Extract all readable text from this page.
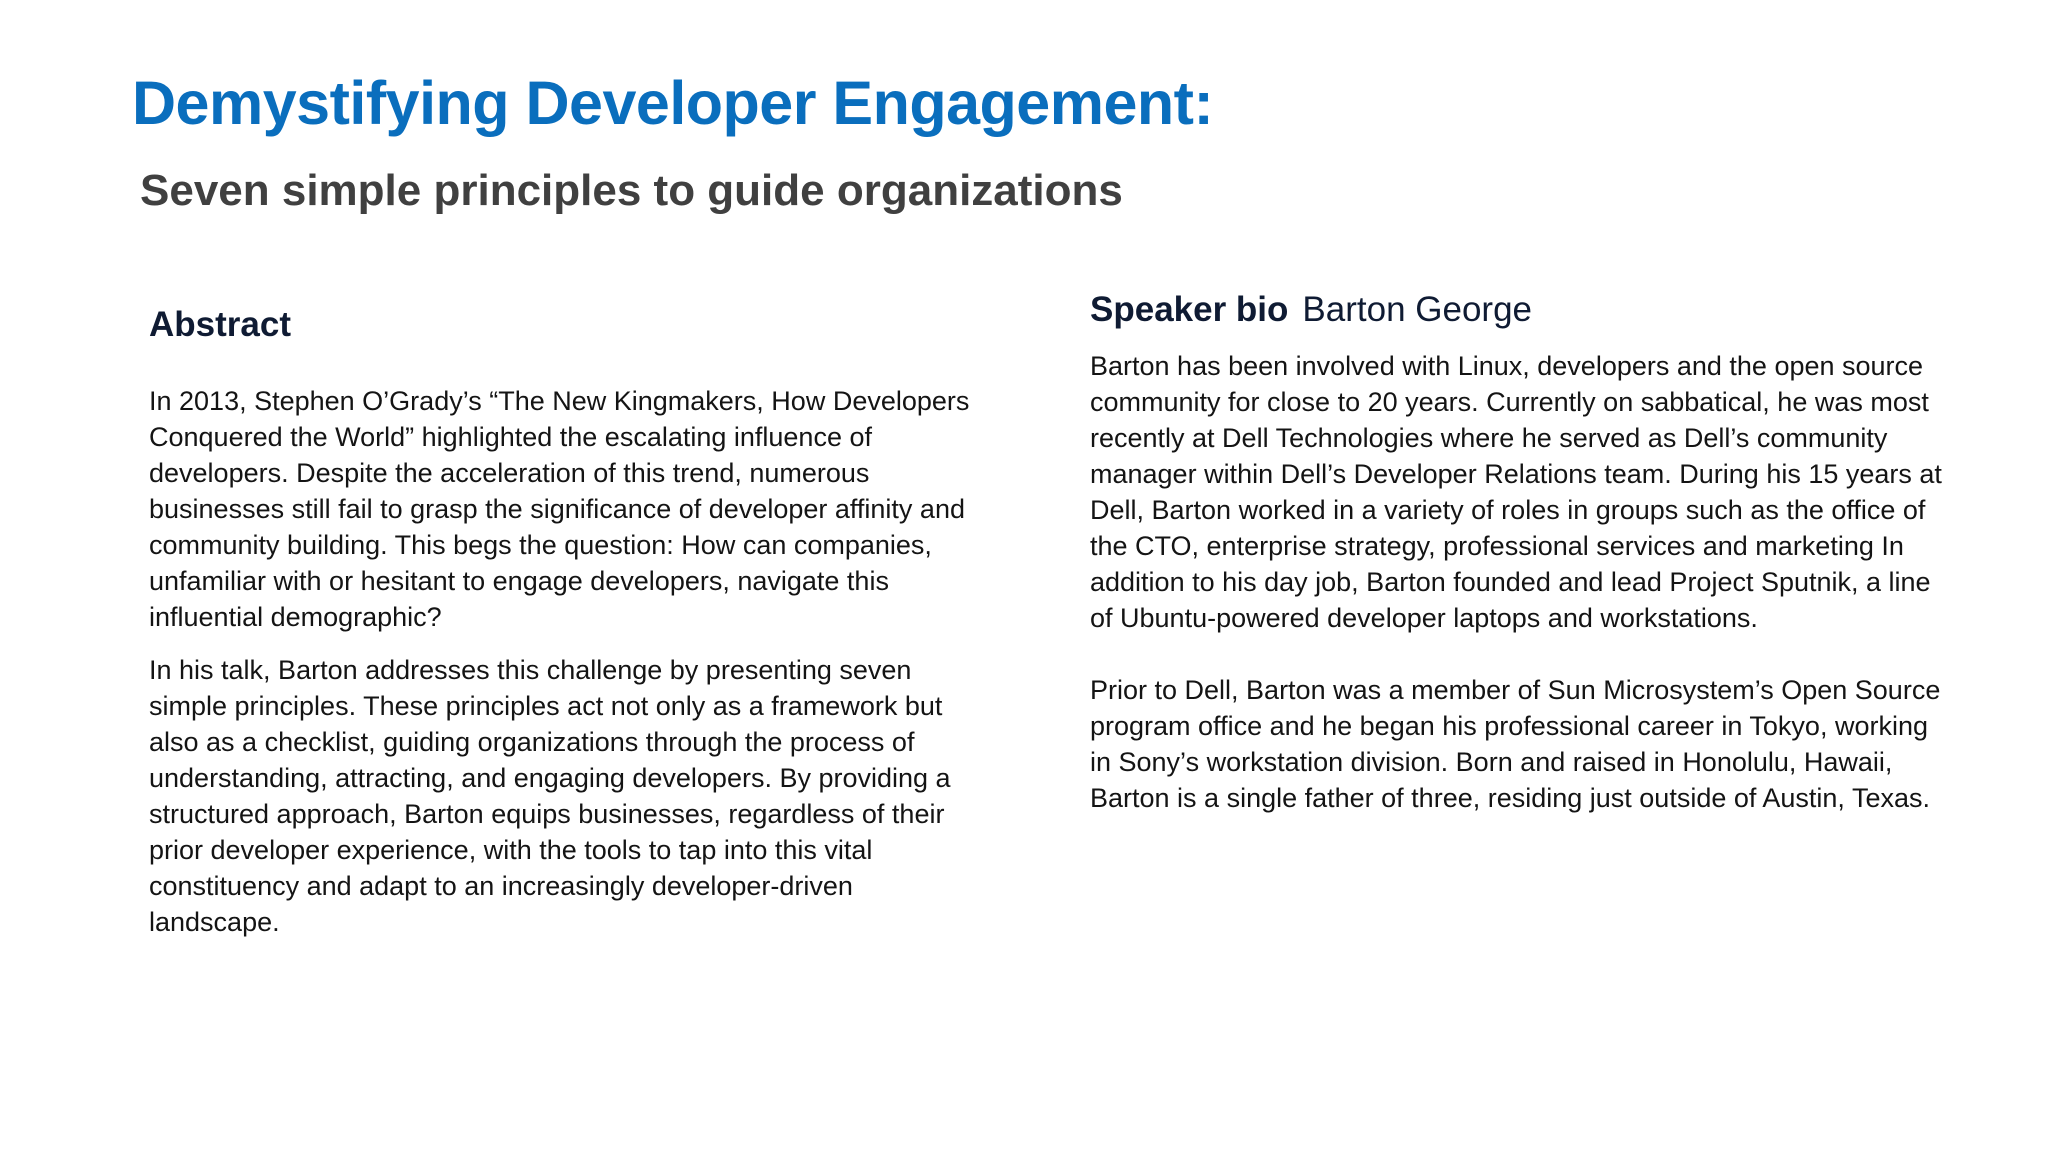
Demystifying Developer Engagement:
Seven simple principles to guide organizations
Abstract

In 2013, Stephen O’Grady’s “The New Kingmakers, How Developers Conquered the World” highlighted the escalating influence of developers. Despite the acceleration of this trend, numerous businesses still fail to grasp the significance of developer affinity and community building. This begs the question: How can companies, unfamiliar with or hesitant to engage developers, navigate this influential demographic?

In his talk, Barton addresses this challenge by presenting seven simple principles. These principles act not only as a framework but also as a checklist, guiding organizations through the process of understanding, attracting, and engaging developers. By providing a structured approach, Barton equips businesses, regardless of their prior developer experience, with the tools to tap into this vital constituency and adapt to an increasingly developer-driven landscape.

Speaker bio Barton George

Barton has been involved with Linux, developers and the open source community for close to 20 years. Currently on sabbatical, he was most recently at Dell Technologies where he served as Dell’s community manager within Dell’s Developer Relations team. During his 15 years at Dell, Barton worked in a variety of roles in groups such as the office of the CTO, enterprise strategy, professional services and marketing In addition to his day job, Barton founded and lead Project Sputnik, a line of Ubuntu-powered developer laptops and workstations.

Prior to Dell, Barton was a member of Sun Microsystem’s Open Source program office and he began his professional career in Tokyo, working in Sony’s workstation division. Born and raised in Honolulu, Hawaii, Barton is a single father of three, residing just outside of Austin, Texas.
